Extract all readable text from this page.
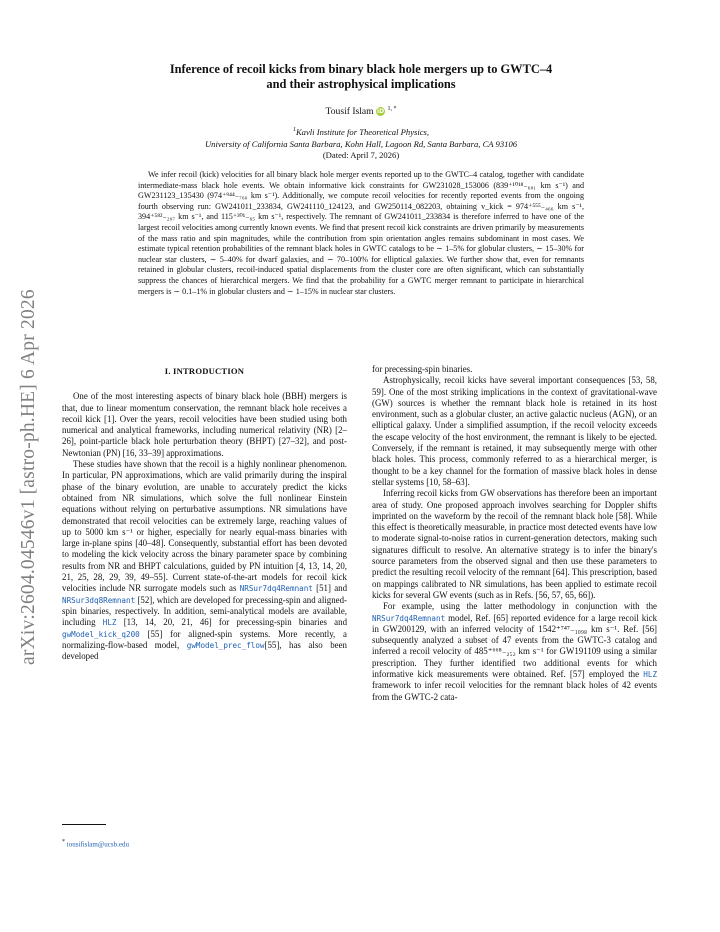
arXiv:2604.04546v1 [astro-ph.HE] 6 Apr 2026
Inference of recoil kicks from binary black hole mergers up to GWTC–4
and their astrophysical implications
Tousif Islam iD $^{1, *}$
$^1$Kavli Institute for Theoretical Physics,
University of California Santa Barbara, Kohn Hall, Lagoon Rd, Santa Barbara, CA 93106
(Dated: April 7, 2026)
We infer recoil (kick) velocities for all binary black hole merger events reported up to the GWTC–4 catalog, together with candidate intermediate-mass black hole events. We obtain informative kick constraints for GW231028_153006 (839⁺¹⁰¹⁸₋₆₈₁ km s⁻¹) and GW231123_135430 (974⁺⁹⁴⁴₋₇₆₀ km s⁻¹). Additionally, we compute recoil velocities for recently reported events from the ongoing fourth observing run: GW241011_233834, GW241110_124123, and GW250114_082203, obtaining v_kick = 974⁺⁵⁵⁵₋₄₆₆ km s⁻¹, 394⁺⁵⁸²₋₂₀₇ km s⁻¹, and 115⁺³⁰¹₋₆₅ km s⁻¹, respectively. The remnant of GW241011_233834 is therefore inferred to have one of the largest recoil velocities among currently known events. We find that present recoil kick constraints are driven primarily by measurements of the mass ratio and spin magnitudes, while the contribution from spin orientation angles remains subdominant in most cases. We estimate typical retention probabilities of the remnant black holes in GWTC catalogs to be ∼ 1–5% for globular clusters, ∼ 15–30% for nuclear star clusters, ∼ 5–40% for dwarf galaxies, and ∼ 70–100% for elliptical galaxies. We further show that, even for remnants retained in globular clusters, recoil-induced spatial displacements from the cluster core are often significant, which can substantially suppress the chances of hierarchical mergers. We find that the probability for a GWTC merger remnant to participate in hierarchical mergers is ∼ 0.1–1% in globular clusters and ∼ 1–15% in nuclear star clusters.
I. INTRODUCTION

One of the most interesting aspects of binary black hole (BBH) mergers is that, due to linear momentum conservation, the remnant black hole receives a recoil kick [1]. Over the years, recoil velocities have been studied using both numerical and analytical frameworks, including numerical relativity (NR) [2–26], point-particle black hole perturbation theory (BHPT) [27–32], and post-Newtonian (PN) [16, 33–39] approximations.

These studies have shown that the recoil is a highly nonlinear phenomenon. In particular, PN approximations, which are valid primarily during the inspiral phase of the binary evolution, are unable to accurately predict the kicks obtained from NR simulations, which solve the full nonlinear Einstein equations without relying on perturbative assumptions. NR simulations have demonstrated that recoil velocities can be extremely large, reaching values of up to 5000 km s⁻¹ or higher, especially for nearly equal-mass binaries with large in-plane spins [40–48]. Consequently, substantial effort has been devoted to modeling the kick velocity across the binary parameter space by combining results from NR and BHPT calculations, guided by PN intuition [4, 13, 14, 20, 21, 25, 28, 29, 39, 49–55]. Current state-of-the-art models for recoil kick velocities include NR surrogate models such as NRSur7dq4Remnant [51] and NRSur3dq8Remnant [52], which are developed for precessing-spin and aligned-spin binaries, respectively. In addition, semi-analytical models are available, including HLZ [13, 14, 20, 21, 46] for precessing-spin binaries and gwModel_kick_q200 [55] for aligned-spin systems. More recently, a normalizing-flow-based model, gwModel_prec_flow[55], has also been developed

for precessing-spin binaries.

Astrophysically, recoil kicks have several important consequences [53, 58, 59]. One of the most striking implications in the context of gravitational-wave (GW) sources is whether the remnant black hole is retained in its host environment, such as a globular cluster, an active galactic nucleus (AGN), or an elliptical galaxy. Under a simplified assumption, if the recoil velocity exceeds the escape velocity of the host environment, the remnant is likely to be ejected. Conversely, if the remnant is retained, it may subsequently merge with other black holes. This process, commonly referred to as a hierarchical merger, is thought to be a key channel for the formation of massive black holes in dense stellar systems [10, 58–63].

Inferring recoil kicks from GW observations has therefore been an important area of study. One proposed approach involves searching for Doppler shifts imprinted on the waveform by the recoil of the remnant black hole [58]. While this effect is theoretically measurable, in practice most detected events have low to moderate signal-to-noise ratios in current-generation detectors, making such signatures difficult to resolve. An alternative strategy is to infer the binary's source parameters from the observed signal and then use these parameters to predict the resulting recoil velocity of the remnant [64]. This prescription, based on mappings calibrated to NR simulations, has been applied to estimate recoil kicks for several GW events (such as in Refs. [56, 57, 65, 66]).

For example, using the latter methodology in conjunction with the NRSur7dq4Remnant model, Ref. [65] reported evidence for a large recoil kick in GW200129, with an inferred velocity of 1542⁺⁷⁴⁷₋₁₀₉₈ km s⁻¹. Ref. [56] subsequently analyzed a subset of 47 events from the GWTC-3 catalog and inferred a recoil velocity of 485⁺⁶⁶⁸₋₂₅₂ km s⁻¹ for GW191109 using a similar prescription. They further identified two additional events for which informative kick measurements were obtained. Ref. [57] employed the HLZ framework to infer recoil velocities for the remnant black holes of 42 events from the GWTC-2 cata-

* tousifislam@ucsb.edu
